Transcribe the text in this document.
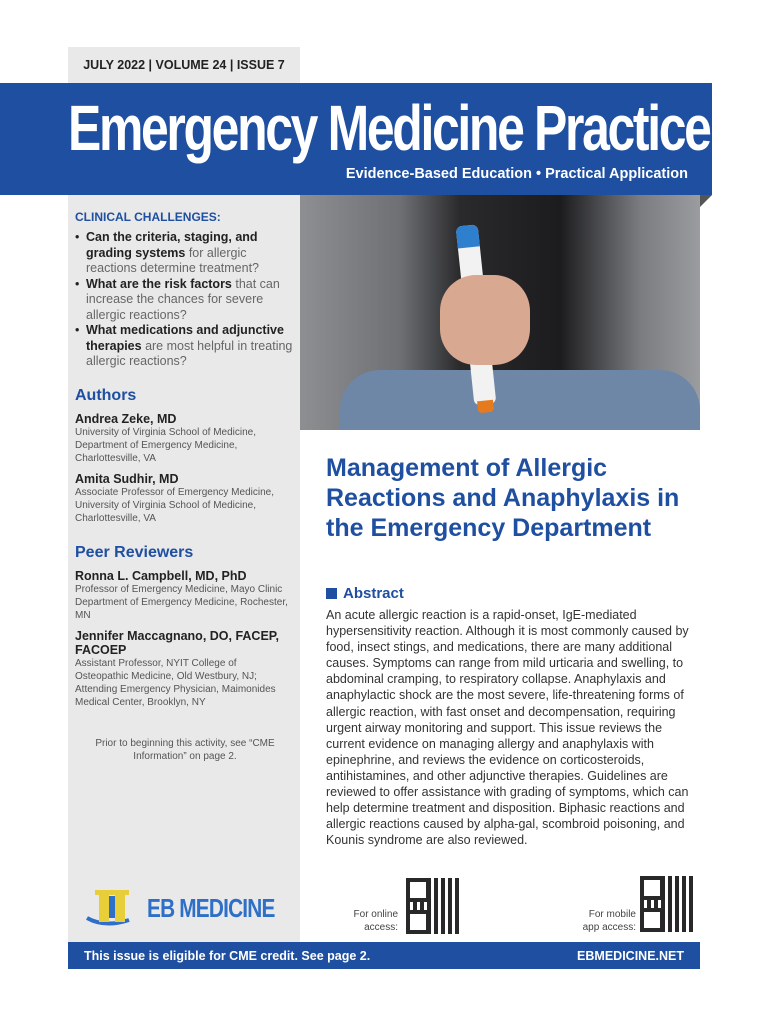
JULY 2022 | VOLUME 24 | ISSUE 7
Emergency Medicine Practice
Evidence-Based Education • Practical Application
CLINICAL CHALLENGES:
• Can the criteria, staging, and grading systems for allergic reactions determine treatment?
• What are the risk factors that can increase the chances for severe allergic reactions?
• What medications and adjunctive therapies are most helpful in treating allergic reactions?
Authors
Andrea Zeke, MD
University of Virginia School of Medicine, Department of Emergency Medicine, Charlottesville, VA
Amita Sudhir, MD
Associate Professor of Emergency Medicine, University of Virginia School of Medicine, Charlottesville, VA
Peer Reviewers
Ronna L. Campbell, MD, PhD
Professor of Emergency Medicine, Mayo Clinic Department of Emergency Medicine, Rochester, MN
Jennifer Maccagnano, DO, FACEP, FACOEP
Assistant Professor, NYIT College of Osteopathic Medicine, Old Westbury, NJ; Attending Emergency Physician, Maimonides Medical Center, Brooklyn, NY
Prior to beginning this activity, see “CME Information” on page 2.
EB MEDICINE
Management of Allergic Reactions and Anaphylaxis in the Emergency Department
Abstract
An acute allergic reaction is a rapid-onset, IgE-mediated hypersensitivity reaction. Although it is most commonly caused by food, insect stings, and medications, there are many additional causes. Symptoms can range from mild urticaria and swelling, to abdominal cramping, to respiratory collapse. Anaphylaxis and anaphylactic shock are the most severe, life-threatening forms of allergic reaction, with fast onset and decompensation, requiring urgent airway monitoring and support. This issue reviews the current evidence on managing allergy and anaphylaxis with epinephrine, and reviews the evidence on corticosteroids, antihistamines, and other adjunctive therapies. Guidelines are reviewed to offer assistance with grading of symptoms, which can help determine treatment and disposition. Biphasic reactions and allergic reactions caused by alpha-gal, scombroid poisoning, and Kounis syndrome are also reviewed.
For online
access:
For mobile
app access:
This issue is eligible for CME credit. See page 2.	EBMEDICINE.NET
